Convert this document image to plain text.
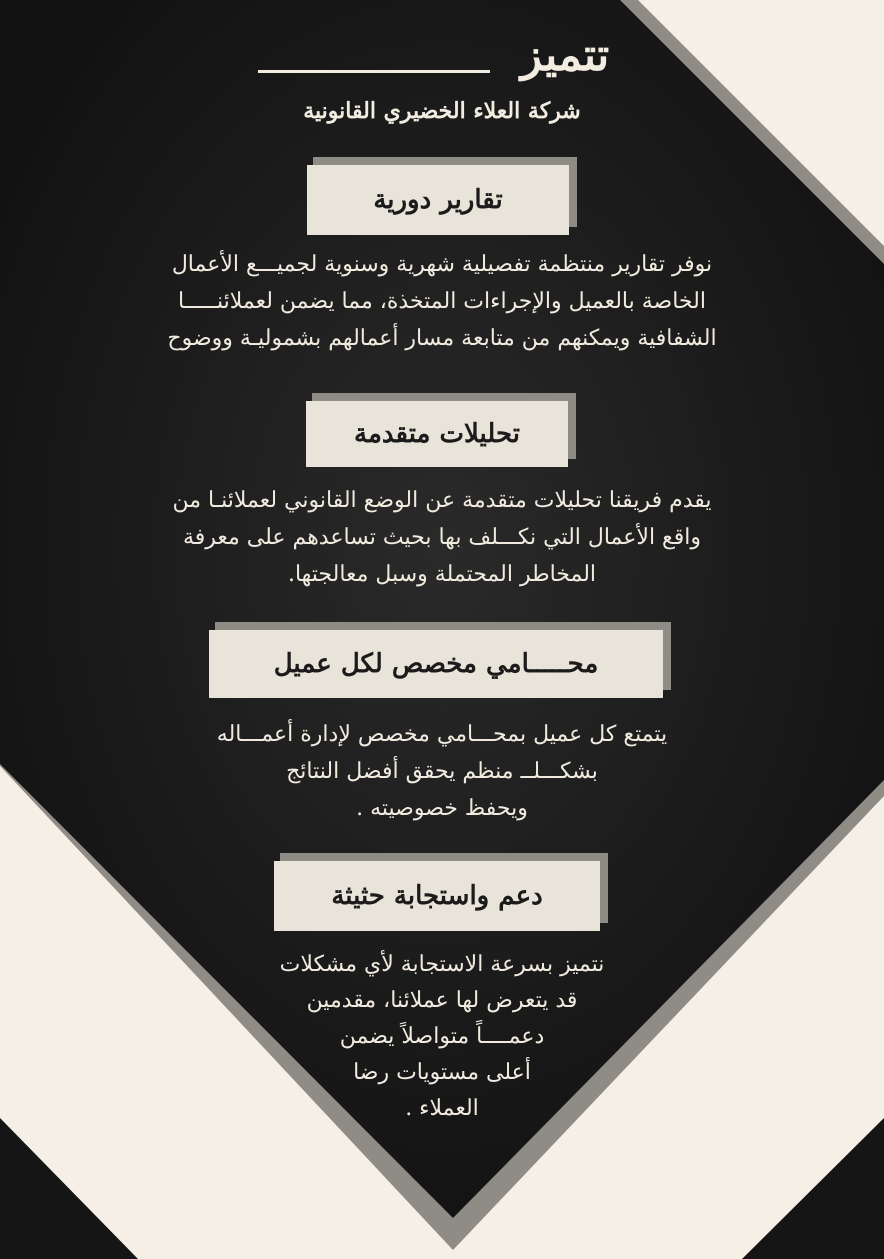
تتميز
شركة العلاء الخضيري القانونية
تقارير دورية
نوفر تقارير منتظمة تفصيلية شهرية وسنوية لجميـــع الأعمال
الخاصة بالعميل والإجراءات المتخذة، مما يضمن لعملائنـــــا
الشفافية ويمكنهم من متابعة مسار أعمالهم بشموليـة ووضوح
تحليلات متقدمة
يقدم فريقنا تحليلات متقدمة عن الوضع القانوني لعملائنـا من
واقع الأعمال التي نكـــلف بها بحيث تساعدهم على معرفة
المخاطر المحتملة وسبل معالجتها.
محـــــامي مخصص لكل عميل
يتمتع كل عميل بمحـــامي مخصص لإدارة أعمـــاله
بشكـــلــ منظم يحقق أفضل النتائج
ويحفظ خصوصيته .
دعم واستجابة حثيثة
نتميز بسرعة الاستجابة لأي مشكلات
قد يتعرض لها عملائنا، مقدمين
دعمــــاً متواصلاً يضمن
أعلى مستويات رضا
العملاء .
